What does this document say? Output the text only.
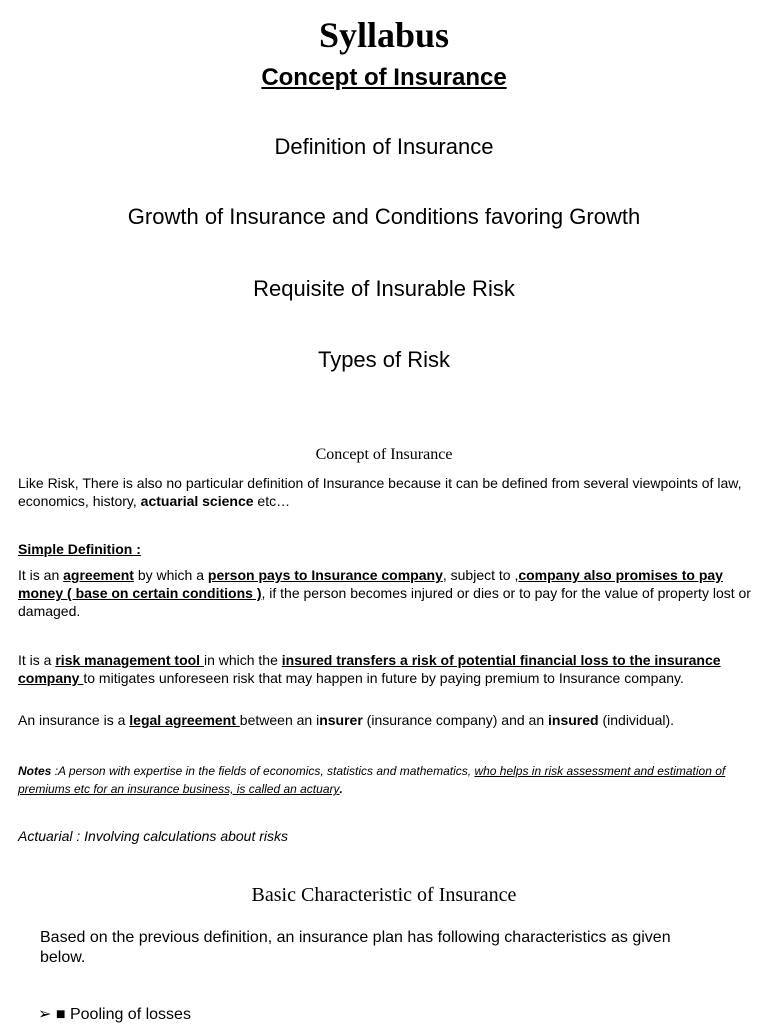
Syllabus
Concept of Insurance
Definition of Insurance
Growth of Insurance and Conditions favoring Growth
Requisite of Insurable Risk
Types of Risk
Concept of Insurance

Like Risk, There is also no particular definition of Insurance because it can be defined from several viewpoints of law, economics, history, actuarial science etc…

Simple Definition :

It is an agreement by which a person pays to Insurance company, subject to ,company also promises to pay money ( base on certain conditions ), if the person becomes injured or dies or to pay for the value of property lost or damaged.

It is a risk management tool in which the insured transfers a risk of potential financial loss to the insurance company to mitigates unforeseen risk that may happen in future by paying premium to Insurance company.

An insurance is a legal agreement between an insurer (insurance company) and an insured (individual).

Notes :A person with expertise in the fields of economics, statistics and mathematics, who helps in risk assessment and estimation of premiums etc for an insurance business, is called an actuary.

Actuarial : Involving calculations about risks

Basic Characteristic of Insurance

Based on the previous definition, an insurance plan has following characteristics as given below.

➢ ■ Pooling of losses
